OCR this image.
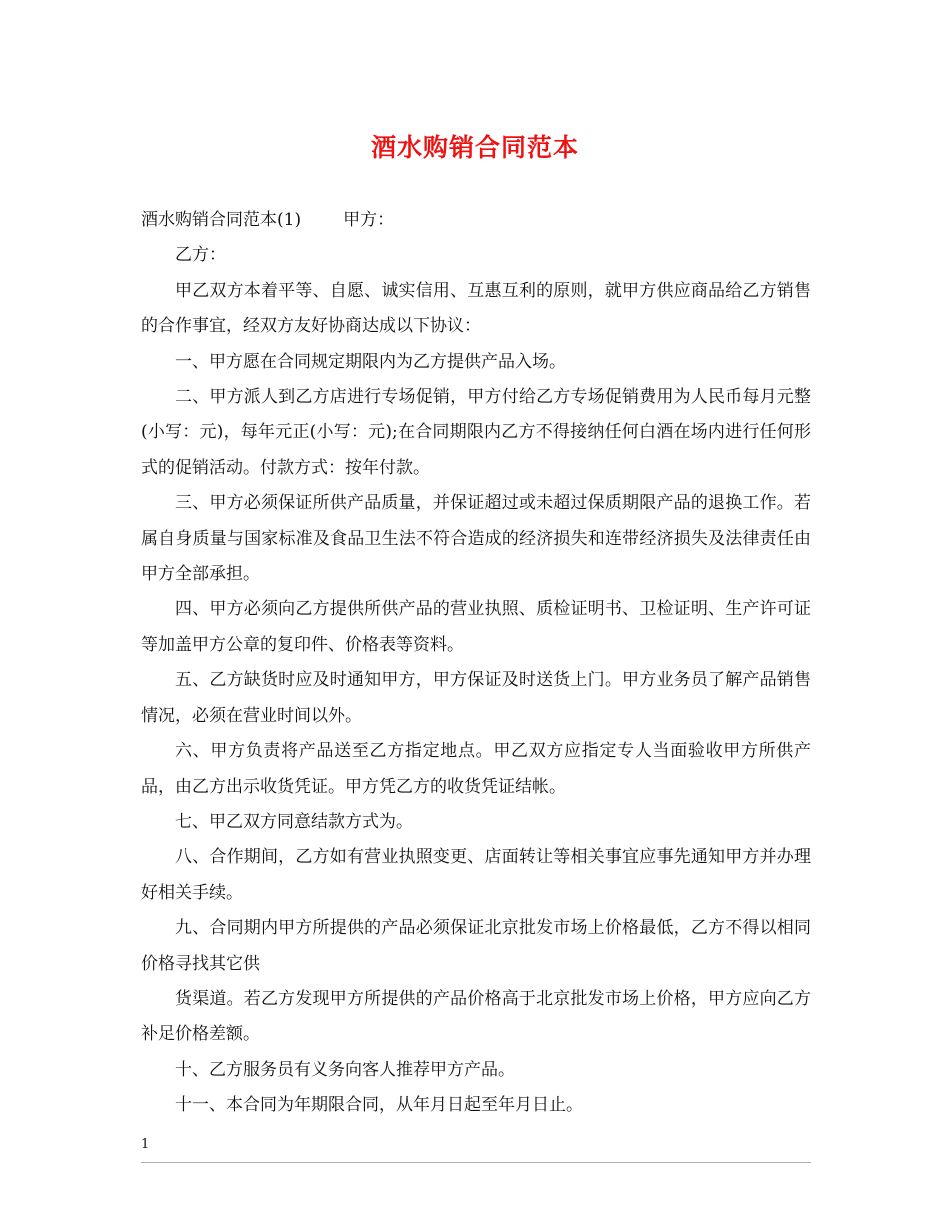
酒水购销合同范本

酒水购销合同范本(1) 甲方：

乙方：

甲乙双方本着平等、自愿、诚实信用、互惠互利的原则，就甲方供应商品给乙方销售的合作事宜，经双方友好协商达成以下协议：

一、甲方愿在合同规定期限内为乙方提供产品入场。

二、甲方派人到乙方店进行专场促销，甲方付给乙方专场促销费用为人民币每月元整(小写：元)，每年元正(小写：元);在合同期限内乙方不得接纳任何白酒在场内进行任何形式的促销活动。付款方式：按年付款。

三、甲方必须保证所供产品质量，并保证超过或未超过保质期限产品的退换工作。若属自身质量与国家标准及食品卫生法不符合造成的经济损失和连带经济损失及法律责任由甲方全部承担。

四、甲方必须向乙方提供所供产品的营业执照、质检证明书、卫检证明、生产许可证等加盖甲方公章的复印件、价格表等资料。

五、乙方缺货时应及时通知甲方，甲方保证及时送货上门。甲方业务员了解产品销售情况，必须在营业时间以外。

六、甲方负责将产品送至乙方指定地点。甲乙双方应指定专人当面验收甲方所供产品，由乙方出示收货凭证。甲方凭乙方的收货凭证结帐。

七、甲乙双方同意结款方式为。

八、合作期间，乙方如有营业执照变更、店面转让等相关事宜应事先通知甲方并办理好相关手续。

九、合同期内甲方所提供的产品必须保证北京批发市场上价格最低，乙方不得以相同价格寻找其它供

货渠道。若乙方发现甲方所提供的产品价格高于北京批发市场上价格，甲方应向乙方补足价格差额。

十、乙方服务员有义务向客人推荐甲方产品。

十一、本合同为年期限合同，从年月日起至年月日止。

1
